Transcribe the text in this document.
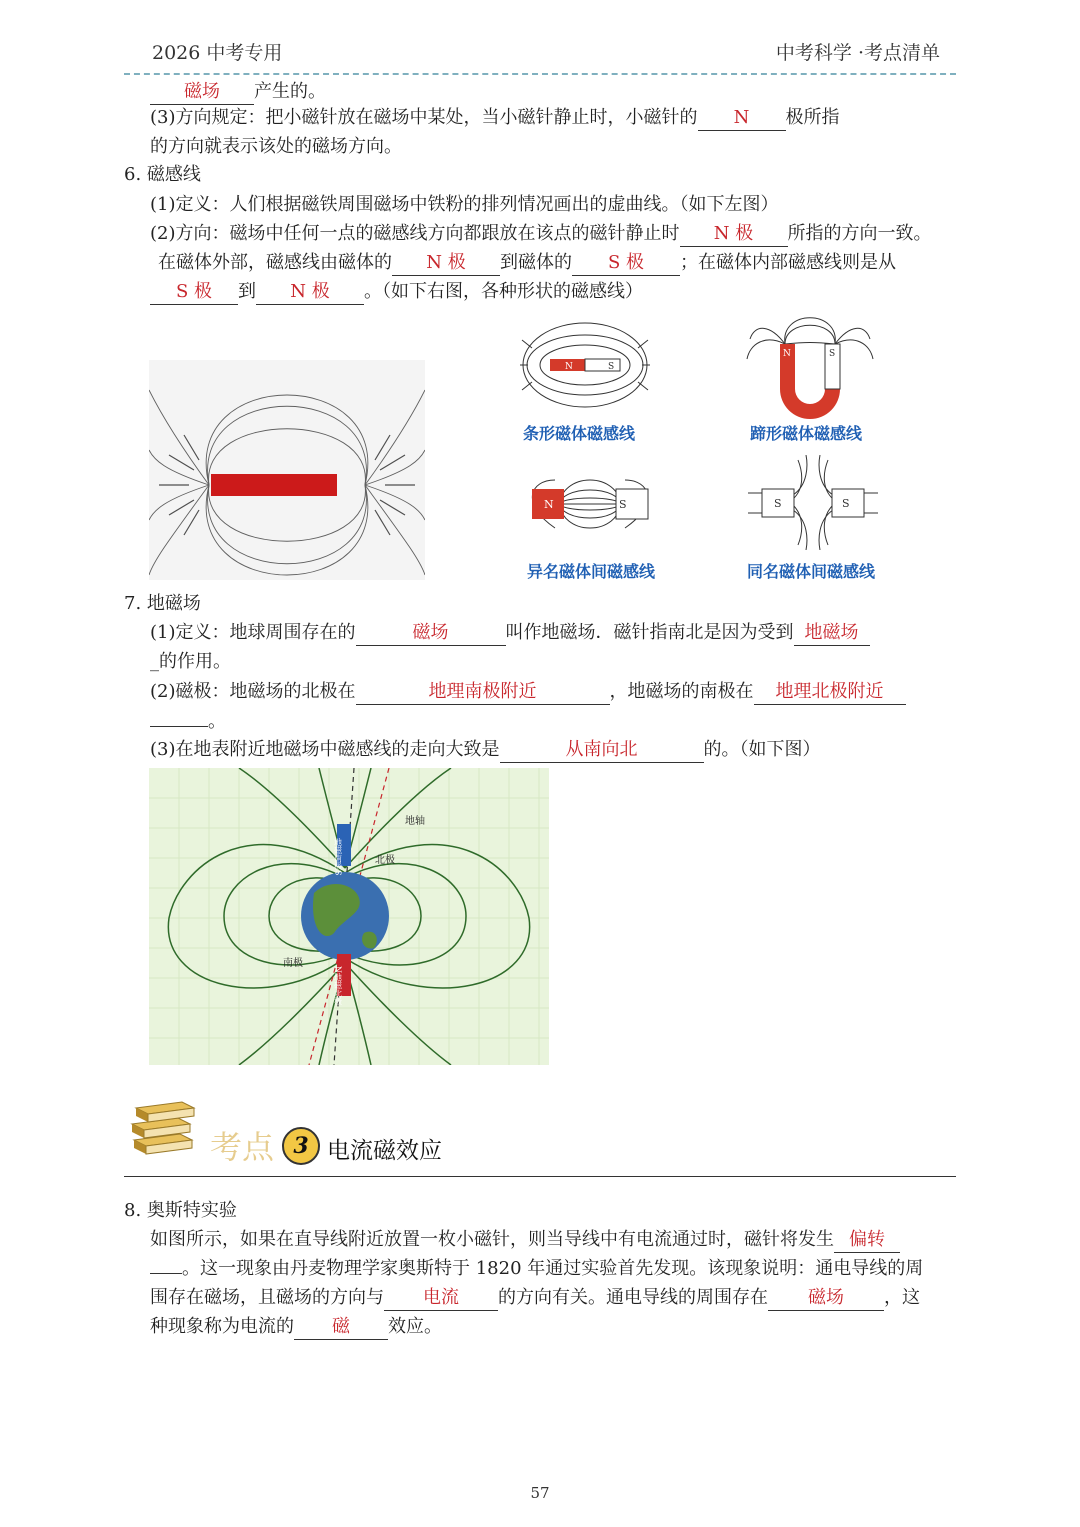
2026 中考专用	中考科学 ·考点清单
磁场 产生的。
(3)方向规定：把小磁针放在磁场中某处，当小磁针静止时，小磁针的 N 极所指
的方向就表示该处的磁场方向。
6. 磁感线
(1)定义：人们根据磁铁周围磁场中铁粉的排列情况画出的虚曲线。（如下左图）
(2)方向：磁场中任何一点的磁感线方向都跟放在该点的磁针静止时 N 极 所指的方向一致。
在磁体外部，磁感线由磁体的 N 极 到磁体的 S 极 ；在磁体内部磁感线则是从
S 极 到 N 极 。（如下右图，各种形状的磁感线）
N	S
条形磁体磁感线
N	S
蹄形磁体磁感线
N	S
异名磁体间磁感线
S	S
同名磁体间磁感线
7. 地磁场
(1)定义：地球周围存在的	磁场	叫作地磁场．磁针指南北是因为受到 地磁场
_的作用。
(2)磁极：地磁场的北极在	地理南极附近	，地磁场的南极在 地理北极附近
。
(3)在地表附近地磁场中磁感线的走向大致是	从南向北	的。（如下图）
地磁南极S
N地磁北极
地轴
北极
南极
考点 3 电流磁效应
8. 奥斯特实验
如图所示，如果在直导线附近放置一枚小磁针，则当导线中有电流通过时，磁针将发生 偏转
。这一现象由丹麦物理学家奥斯特于 1820 年通过实验首先发现。该现象说明：通电导线的周
围存在磁场，且磁场的方向与 电流 的方向有关。通电导线的周围存在 磁场 ，这
种现象称为电流的 磁 效应。
57
